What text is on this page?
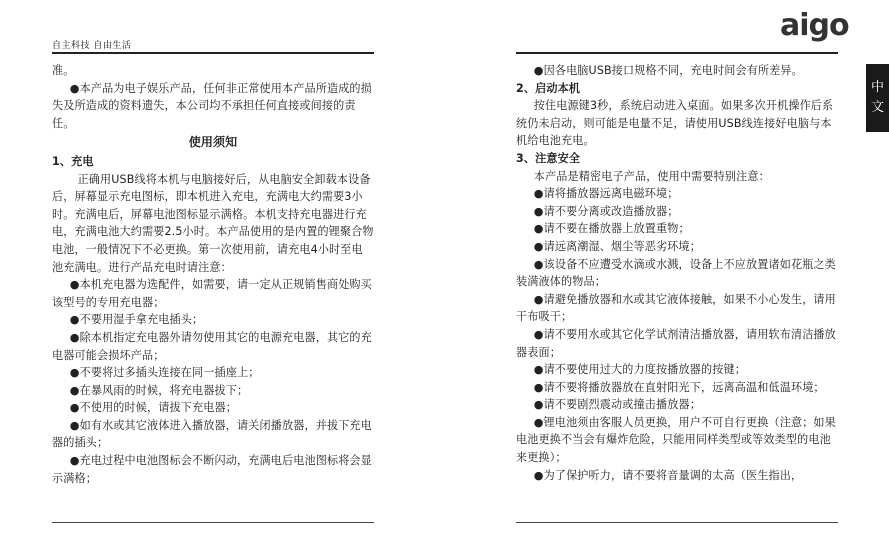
自主科技 自由生活
aigo
中
文

准。

●本产品为电子娱乐产品，任何非正常使用本产品所造成的损失及所造成的资料遗失，本公司均不承担任何直接或间接的责任。

使用须知

1、充电

正确用USB线将本机与电脑接好后，从电脑安全卸载本设备后，屏幕显示充电图标，即本机进入充电，充满电大约需要3小时。充满电后，屏幕电池图标显示满格。本机支持充电器进行充电，充满电池大约需要2.5小时。本产品使用的是内置的锂聚合物电池，一般情况下不必更换。第一次使用前，请充电4小时至电池充满电。进行产品充电时请注意：

●本机充电器为选配件，如需要，请一定从正规销售商处购买该型号的专用充电器；

●不要用湿手拿充电插头；

●除本机指定充电器外请勿使用其它的电源充电器，其它的充电器可能会损坏产品；

●不要将过多插头连接在同一插座上；

●在暴风雨的时候，将充电器拔下；

●不使用的时候，请拔下充电器；

●如有水或其它液体进入播放器，请关闭播放器，并拔下充电器的插头；

●充电过程中电池图标会不断闪动，充满电后电池图标将会显示满格；

●因各电脑USB接口规格不同，充电时间会有所差异。

2、启动本机

按住电源键3秒，系统启动进入桌面。如果多次开机操作后系统仍未启动，则可能是电量不足，请使用USB线连接好电脑与本机给电池充电。

3、注意安全

本产品是精密电子产品，使用中需要特别注意：

●请将播放器远离电磁环境；

●请不要分离或改造播放器；

●请不要在播放器上放置重物；

●请远离潮湿、烟尘等恶劣环境；

●该设备不应遭受水滴或水溅，设备上不应放置诸如花瓶之类装满液体的物品；

●请避免播放器和水或其它液体接触，如果不小心发生，请用干布吸干；

●请不要用水或其它化学试剂清洁播放器，请用软布清洁播放器表面；

●请不要使用过大的力度按播放器的按键；

●请不要将播放器放在直射阳光下，远离高温和低温环境；

●请不要剧烈震动或撞击播放器；

●锂电池须由客服人员更换，用户不可自行更换（注意；如果电池更换不当会有爆炸危险，只能用同样类型或等效类型的电池来更换）；

●为了保护听力，请不要将音量调的太高（医生指出，
